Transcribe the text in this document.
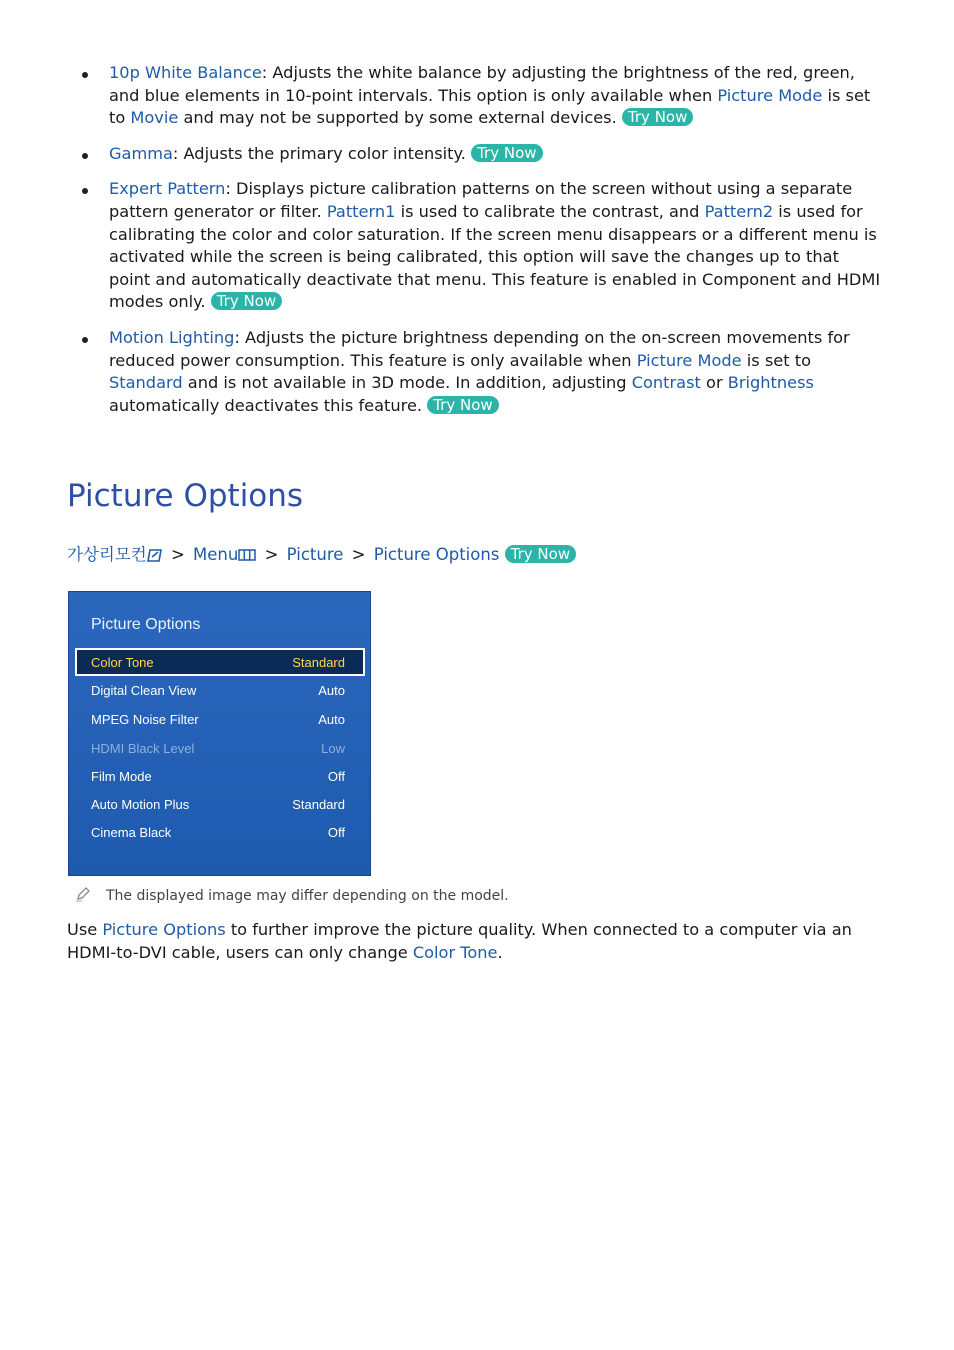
10p White Balance: Adjusts the white balance by adjusting the brightness of the red, green, and blue elements in 10-point intervals. This option is only available when Picture Mode is set to Movie and may not be supported by some external devices. Try Now
Gamma: Adjusts the primary color intensity. Try Now
Expert Pattern: Displays picture calibration patterns on the screen without using a separate pattern generator or filter. Pattern1 is used to calibrate the contrast, and Pattern2 is used for calibrating the color and color saturation. If the screen menu disappears or a different menu is activated while the screen is being calibrated, this option will save the changes up to that point and automatically deactivate that menu. This feature is enabled in Component and HDMI modes only. Try Now
Motion Lighting: Adjusts the picture brightness depending on the on-screen movements for reduced power consumption. This feature is only available when Picture Mode is set to Standard and is not available in 3D mode. In addition, adjusting Contrast or Brightness automatically deactivates this feature. Try Now
Picture Options
가상리모컨 > Menu > Picture > Picture Options Try Now
Picture Options
Color Tone	Standard
Digital Clean View	Auto
MPEG Noise Filter	Auto
HDMI Black Level	Low
Film Mode	Off
Auto Motion Plus	Standard
Cinema Black	Off
The displayed image may differ depending on the model.

Use Picture Options to further improve the picture quality. When connected to a computer via an HDMI-to-DVI cable, users can only change Color Tone.
